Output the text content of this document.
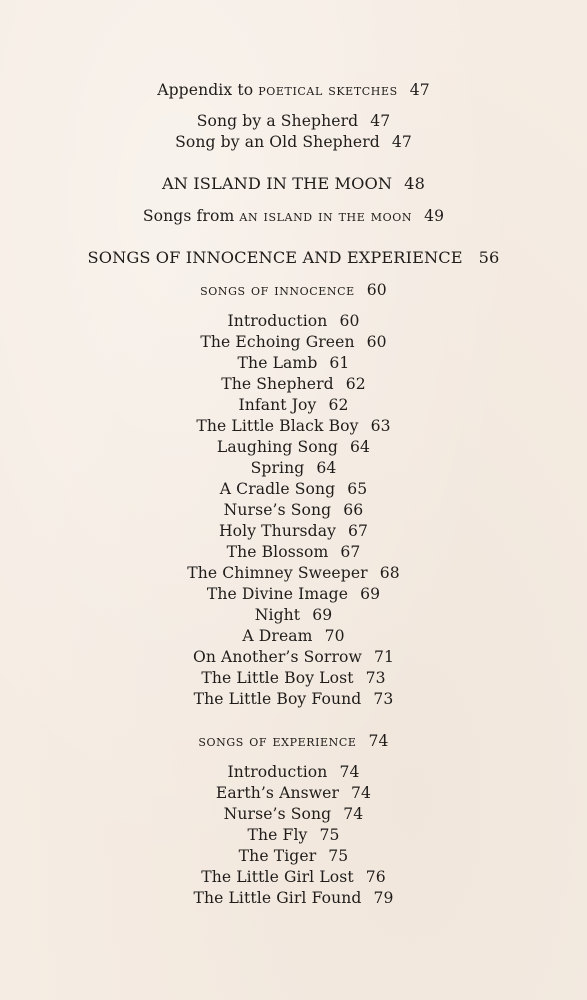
Appendix to poetical sketches 47
Song by a Shepherd 47
Song by an Old Shepherd 47
AN ISLAND IN THE MOON 48
Songs from an island in the moon 49
SONGS OF INNOCENCE AND EXPERIENCE 56
songs of innocence 60
Introduction 60
The Echoing Green 60
The Lamb 61
The Shepherd 62
Infant Joy 62
The Little Black Boy 63
Laughing Song 64
Spring 64
A Cradle Song 65
Nurse’s Song 66
Holy Thursday 67
The Blossom 67
The Chimney Sweeper 68
The Divine Image 69
Night 69
A Dream 70
On Another’s Sorrow 71
The Little Boy Lost 73
The Little Boy Found 73
songs of experience 74
Introduction 74
Earth’s Answer 74
Nurse’s Song 74
The Fly 75
The Tiger 75
The Little Girl Lost 76
The Little Girl Found 79
